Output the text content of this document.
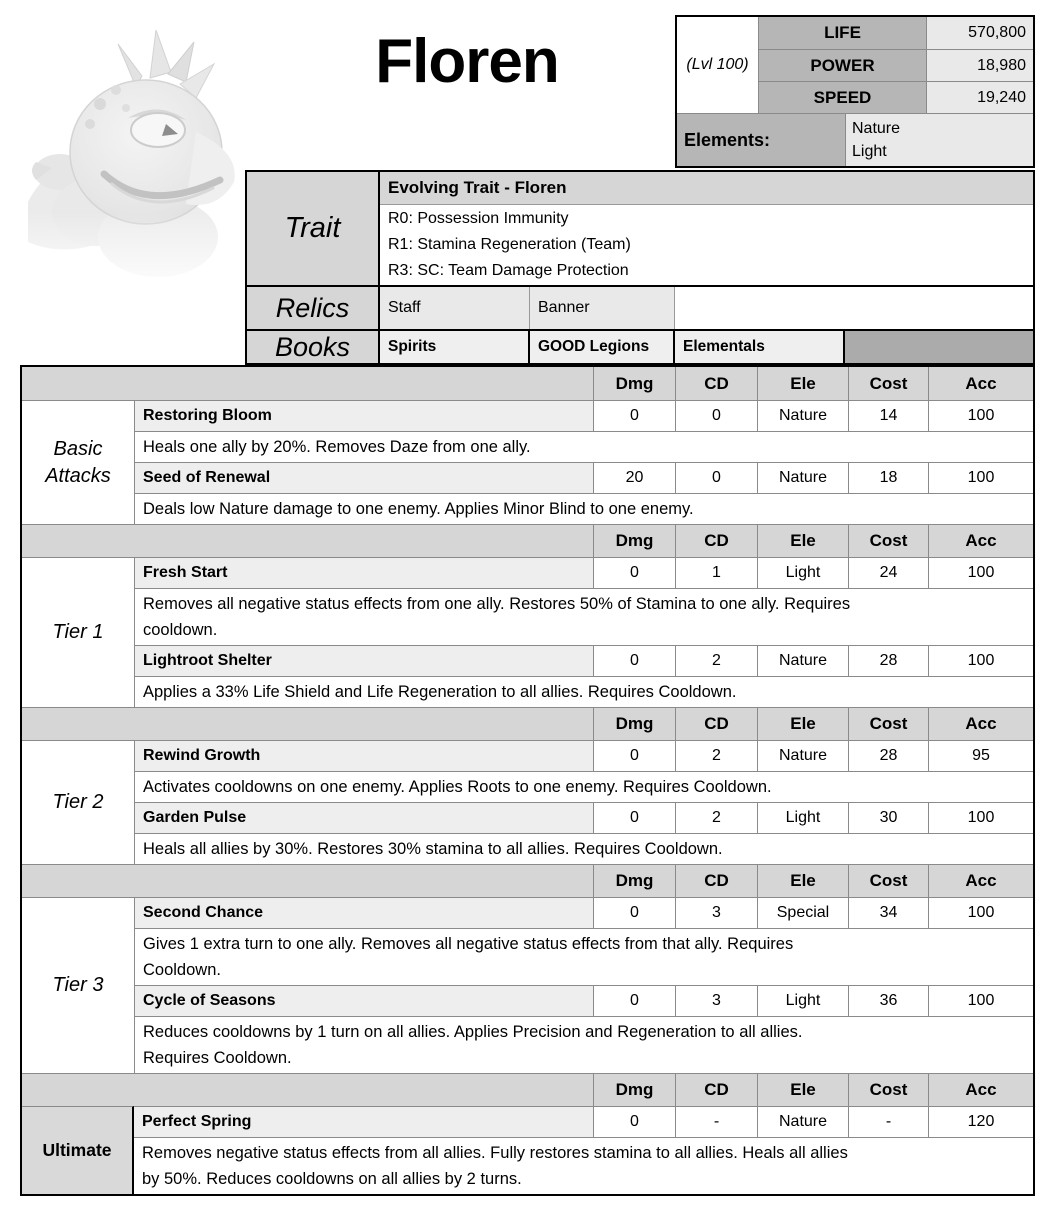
Floren	(Lvl 100)
LIFE	570,800
POWER	18,980
SPEED	19,240
Elements:
Nature
Light
Trait
Evolving Trait - Floren
R0: Possession Immunity
R1: Stamina Regeneration (Team)
R3: SC: Team Damage Protection
Relics	Staff	Banner
Books	Spirits	GOOD Legions	Elementals
Dmg	CD	Ele	Cost	Acc
Basic Attacks
Restoring Bloom	0	0	Nature	14	100
Heals one ally by 20%. Removes Daze from one ally.
Seed of Renewal	20	0	Nature	18	100
Deals low Nature damage to one enemy. Applies Minor Blind to one enemy.
Dmg	CD	Ele	Cost	Acc
Tier 1
Fresh Start	0	1	Light	24	100
Removes all negative status effects from one ally. Restores 50% of Stamina to one ally. Requires
cooldown.
Lightroot Shelter	0	2	Nature	28	100
Applies a 33% Life Shield and Life Regeneration to all allies. Requires Cooldown.
Dmg	CD	Ele	Cost	Acc
Tier 2
Rewind Growth	0	2	Nature	28	95
Activates cooldowns on one enemy. Applies Roots to one enemy. Requires Cooldown.
Garden Pulse	0	2	Light	30	100
Heals all allies by 30%. Restores 30% stamina to all allies. Requires Cooldown.
Dmg	CD	Ele	Cost	Acc
Tier 3
Second Chance	0	3	Special	34	100
Gives 1 extra turn to one ally. Removes all negative status effects from that ally. Requires
Cooldown.
Cycle of Seasons	0	3	Light	36	100
Reduces cooldowns by 1 turn on all allies. Applies Precision and Regeneration to all allies.
Requires Cooldown.
Dmg	CD	Ele	Cost	Acc
Ultimate
Perfect Spring	0	-	Nature	-	120
Removes negative status effects from all allies. Fully restores stamina to all allies. Heals all allies
by 50%. Reduces cooldowns on all allies by 2 turns.
